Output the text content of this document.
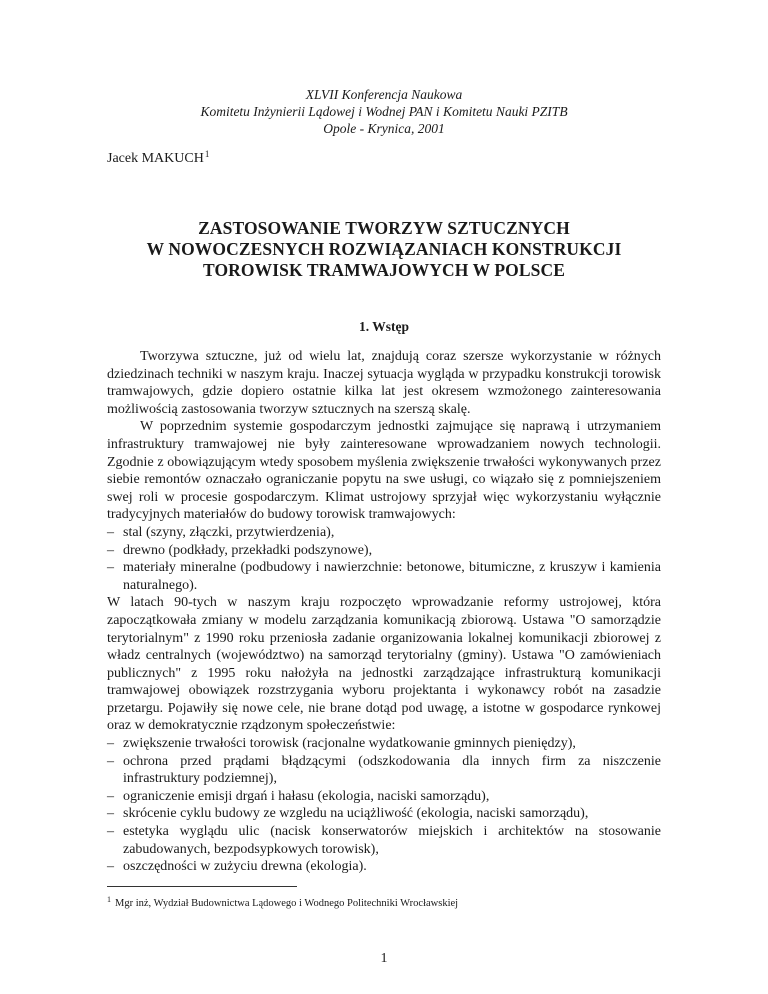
XLVII Konferencja Naukowa
Komitetu Inżynierii Lądowej i Wodnej PAN i Komitetu Nauki PZITB
Opole - Krynica, 2001
Jacek MAKUCH$^1$
ZASTOSOWANIE TWORZYW SZTUCZNYCH
W NOWOCZESNYCH ROZWIĄZANIACH KONSTRUKCJI
TOROWISK TRAMWAJOWYCH W POLSCE
1. Wstęp

Tworzywa sztuczne, już od wielu lat, znajdują coraz szersze wykorzystanie w różnych dziedzinach techniki w naszym kraju. Inaczej sytuacja wygląda w przypadku konstrukcji torowisk tramwajowych, gdzie dopiero ostatnie kilka lat jest okresem wzmożonego zainteresowania możliwością zastosowania tworzyw sztucznych na szerszą skalę.

W poprzednim systemie gospodarczym jednostki zajmujące się naprawą i utrzymaniem infrastruktury tramwajowej nie były zainteresowane wprowadzaniem nowych technologii. Zgodnie z obowiązującym wtedy sposobem myślenia zwiększenie trwałości wykonywanych przez siebie remontów oznaczało ograniczanie popytu na swe usługi, co wiązało się z pomniejszeniem swej roli w procesie gospodarczym. Klimat ustrojowy sprzyjał więc wykorzystaniu wyłącznie tradycyjnych materiałów do budowy torowisk tramwajowych:

– stal (szyny, złączki, przytwierdzenia),
– drewno (podkłady, przekładki podszynowe),
– materiały mineralne (podbudowy i nawierzchnie: betonowe, bitumiczne, z kruszyw i kamienia naturalnego).

W latach 90-tych w naszym kraju rozpoczęto wprowadzanie reformy ustrojowej, która zapoczątkowała zmiany w modelu zarządzania komunikacją zbiorową. Ustawa "O samorządzie terytorialnym" z 1990 roku przeniosła zadanie organizowania lokalnej komunikacji zbiorowej z władz centralnych (województwo) na samorząd terytorialny (gminy). Ustawa "O zamówieniach publicznych" z 1995 roku nałożyła na jednostki zarządzające infrastrukturą komunikacji tramwajowej obowiązek rozstrzygania wyboru projektanta i wykonawcy robót na zasadzie przetargu. Pojawiły się nowe cele, nie brane dotąd pod uwagę, a istotne w gospodarce rynkowej oraz w demokratycznie rządzonym społeczeństwie:

– zwiększenie trwałości torowisk (racjonalne wydatkowanie gminnych pieniędzy),
– ochrona przed prądami błądzącymi (odszkodowania dla innych firm za niszczenie infrastruktury podziemnej),
– ograniczenie emisji drgań i hałasu (ekologia, naciski samorządu),
– skrócenie cyklu budowy ze wzgledu na uciążliwość (ekologia, naciski samorządu),
– estetyka wyglądu ulic (nacisk konserwatorów miejskich i architektów na stosowanie zabudowanych, bezpodsypkowych torowisk),
– oszczędności w zużyciu drewna (ekologia).
$^1$ Mgr inż, Wydział Budownictwa Lądowego i Wodnego Politechniki Wrocławskiej
1
